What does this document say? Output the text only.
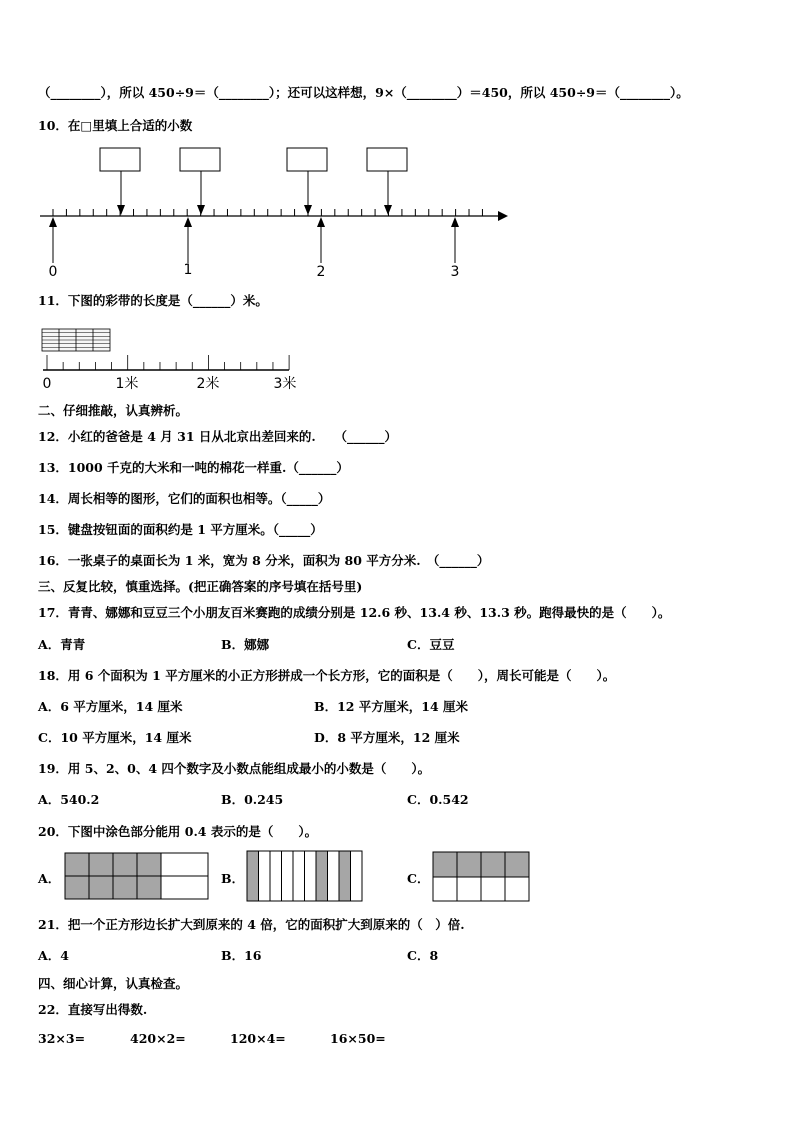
（________），所以 450÷9＝（________）；还可以这样想，9×（________）＝450，所以 450÷9＝（________）。
10．在□里填上合适的小数
0	1	2	3
11．下图的彩带的长度是（______）米。
0	1米	2米	3米
二、仔细推敲，认真辨析。
12．小红的爸爸是 4 月 31 日从北京出差回来的.　　（______）
13．1000 千克的大米和一吨的棉花一样重.（______）
14．周长相等的图形，它们的面积也相等。（_____）
15．键盘按钮面的面积约是 1 平方厘米。（_____）
16．一张桌子的桌面长为 1 米，宽为 8 分米，面积为 80 平方分米.　（______）
三、反复比较，慎重选择。(把正确答案的序号填在括号里)
17．青青、娜娜和豆豆三个小朋友百米赛跑的成绩分别是 12.6 秒、13.4 秒、13.3 秒。跑得最快的是（　　）。
A．青青	B．娜娜	C．豆豆
18．用 6 个面积为 1 平方厘米的小正方形拼成一个长方形，它的面积是（　　），周长可能是（　　）。
A．6 平方厘米，14 厘米	B．12 平方厘米，14 厘米
C．10 平方厘米，14 厘米	D．8 平方厘米，12 厘米
19．用 5、2、0、4 四个数字及小数点能组成最小的小数是（　　）。
A．540.2	B．0.245	C．0.542
20．下图中涂色部分能用 0.4 表示的是（　　）。
A．	B．	C．
21．把一个正方形边长扩大到原来的 4 倍，它的面积扩大到原来的（　）倍.
A．4	B．16	C．8
四、细心计算，认真检查。
22．直接写出得数.
32×3=	420×2=	120×4=	16×50=
